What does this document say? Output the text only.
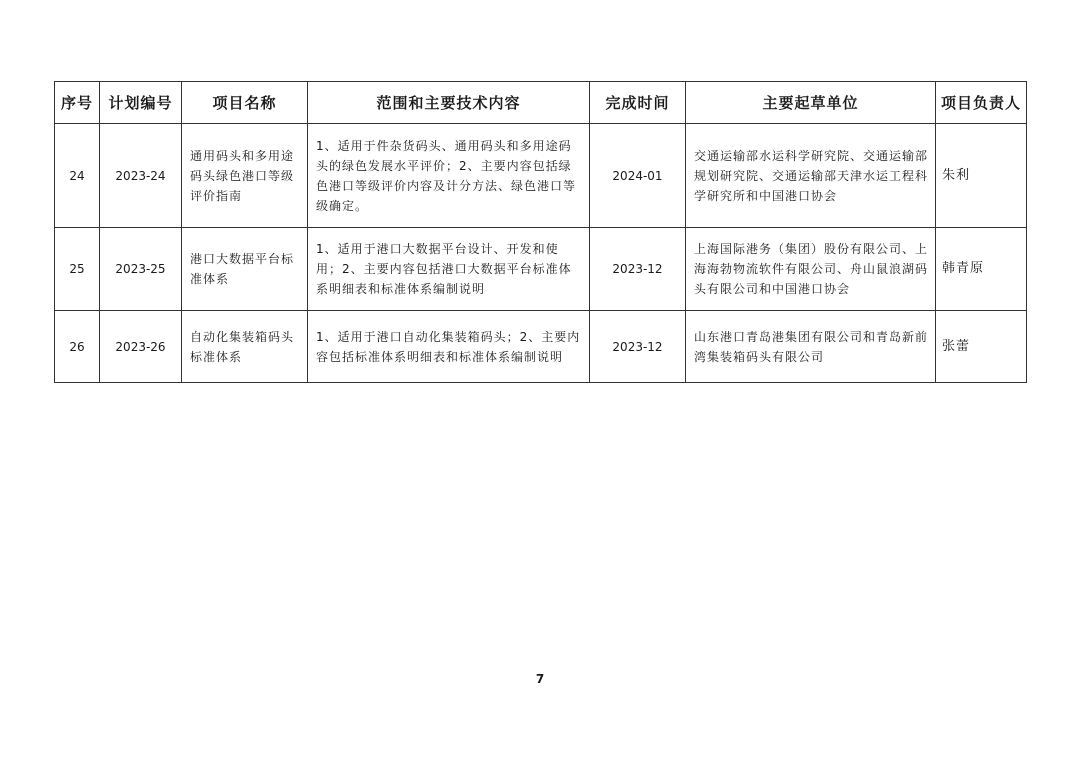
序号	计划编号	项目名称	范围和主要技术内容	完成时间	主要起草单位	项目负责人
24	2023-24	通用码头和多用途码头绿色港口等级评价指南	1、适用于件杂货码头、通用码头和多用途码头的绿色发展水平评价；2、主要内容包括绿色港口等级评价内容及计分方法、绿色港口等级确定。	2024-01	交通运输部水运科学研究院、交通运输部规划研究院、交通运输部天津水运工程科学研究所和中国港口协会	朱利
25	2023-25	港口大数据平台标准体系	1、适用于港口大数据平台设计、开发和使用；2、主要内容包括港口大数据平台标准体系明细表和标准体系编制说明	2023-12	上海国际港务（集团）股份有限公司、上海海勃物流软件有限公司、舟山鼠浪湖码头有限公司和中国港口协会	韩青原
26	2023-26	自动化集装箱码头标准体系	1、适用于港口自动化集装箱码头；2、主要内容包括标准体系明细表和标准体系编制说明	2023-12	山东港口青岛港集团有限公司和青岛新前湾集装箱码头有限公司	张蕾
7
